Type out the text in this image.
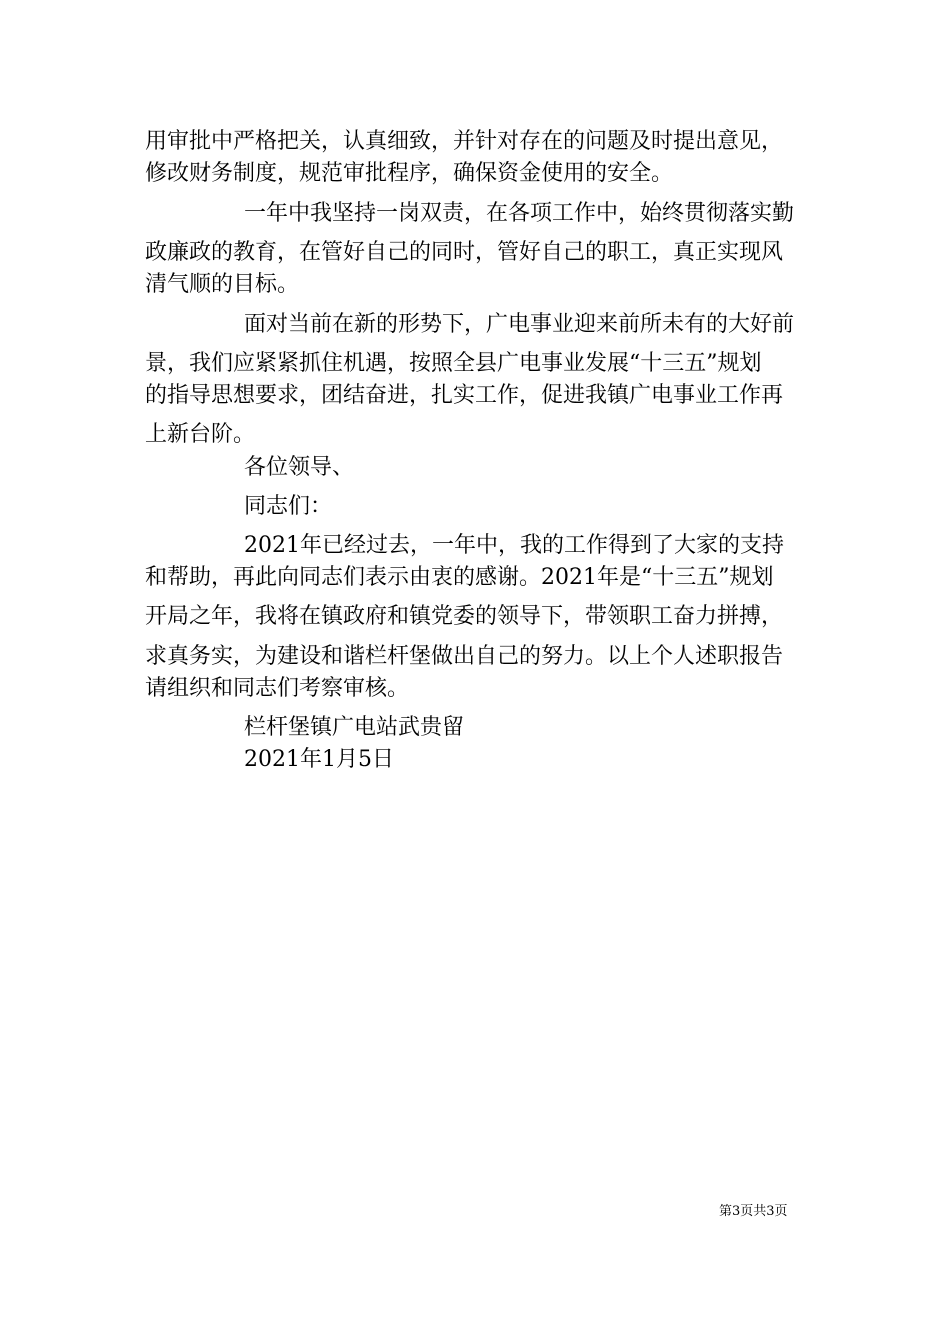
用审批中严格把关，认真细致，并针对存在的问题及时提出意见，
修改财务制度，规范审批程序，确保资金使用的安全。
一年中我坚持一岗双责，在各项工作中，始终贯彻落实勤
政廉政的教育，在管好自己的同时，管好自己的职工，真正实现风
清气顺的目标。
面对当前在新的形势下，广电事业迎来前所未有的大好前
景，我们应紧紧抓住机遇，按照全县广电事业发展“十三五”规划
的指导思想要求，团结奋进，扎实工作，促进我镇广电事业工作再
上新台阶。
各位领导、
同志们：
2021年已经过去，一年中，我的工作得到了大家的支持
和帮助，再此向同志们表示由衷的感谢。2021年是“十三五”规划
开局之年，我将在镇政府和镇党委的领导下，带领职工奋力拼搏，
求真务实，为建设和谐栏杆堡做出自己的努力。以上个人述职报告
请组织和同志们考察审核。
栏杆堡镇广电站武贵留
2021年1月5日
第3页共3页
